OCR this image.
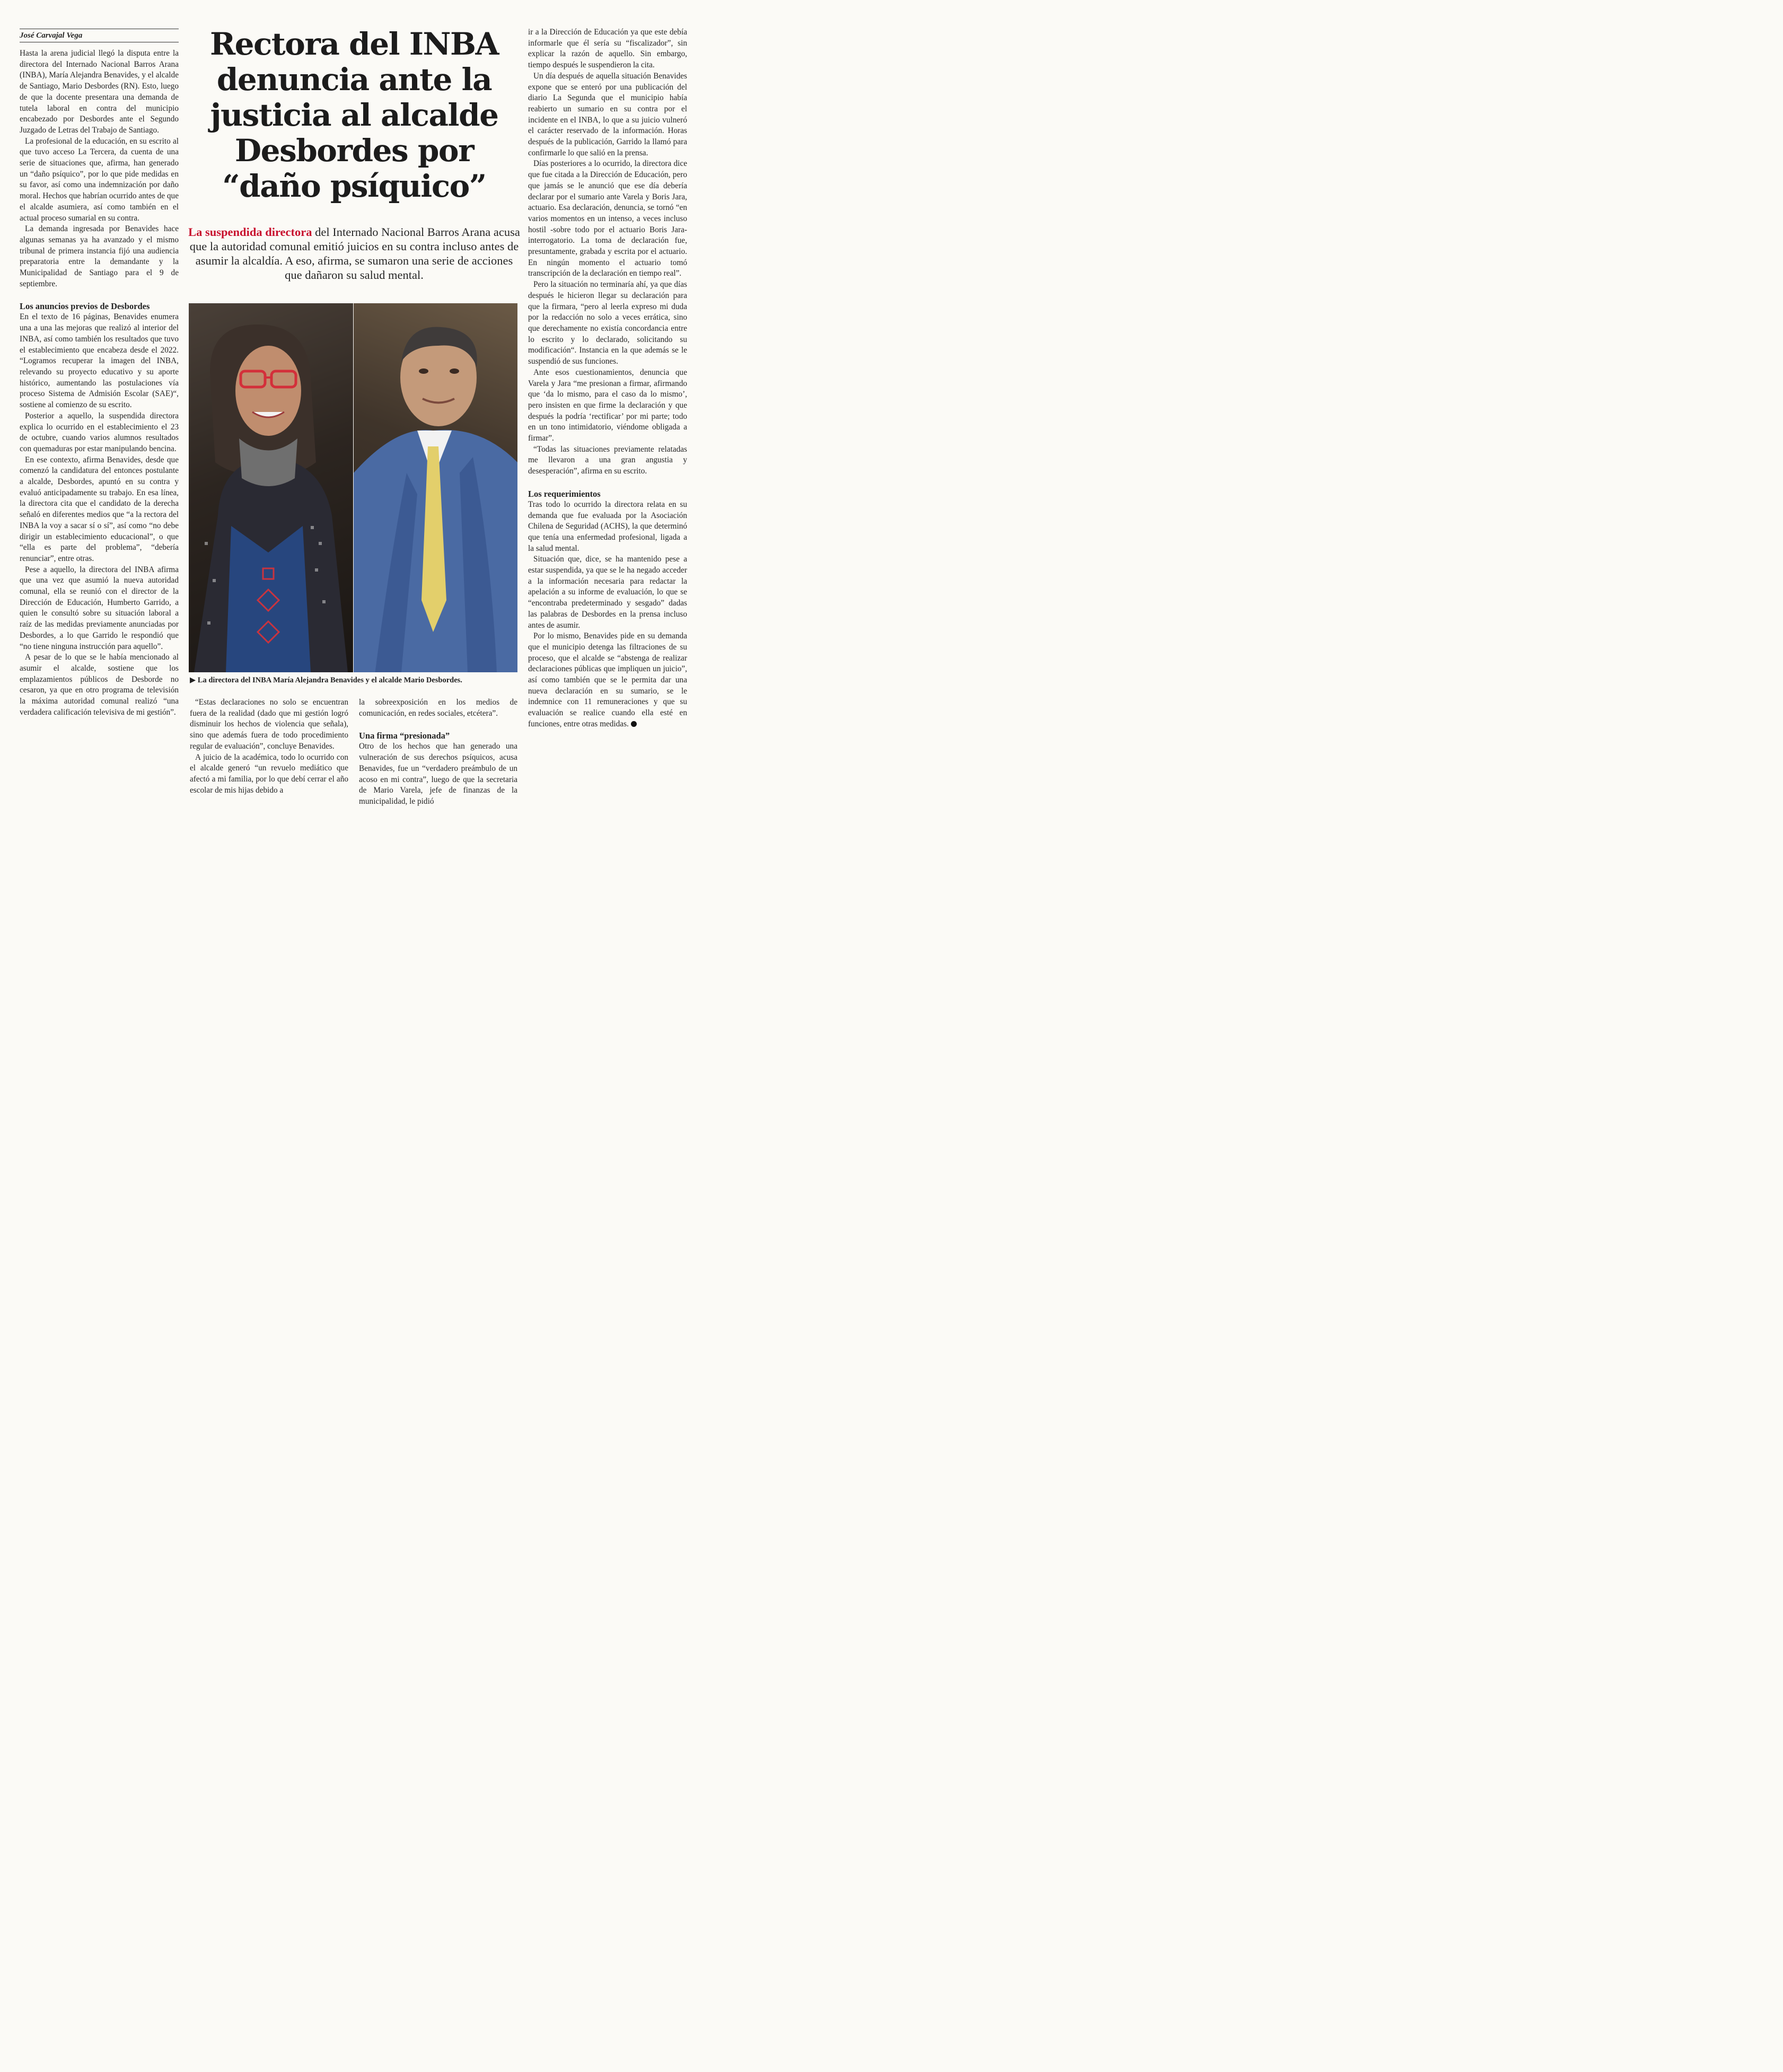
José Carvajal Vega

Hasta la arena judicial llegó la disputa entre la directora del Internado Nacional Barros Arana (INBA), María Alejandra Benavides, y el alcalde de Santiago, Mario Desbordes (RN). Esto, luego de que la docente presentara una demanda de tutela laboral en contra del municipio encabezado por Desbordes ante el Segundo Juzgado de Letras del Trabajo de Santiago.

La profesional de la educación, en su escrito al que tuvo acceso La Tercera, da cuenta de una serie de situaciones que, afirma, han generado un “daño psíquico”, por lo que pide medidas en su favor, así como una indemnización por daño moral. Hechos que habrían ocurrido antes de que el alcalde asumiera, así como también en el actual proceso sumarial en su contra.

La demanda ingresada por Benavides hace algunas semanas ya ha avanzado y el mismo tribunal de primera instancia fijó una audiencia preparatoria entre la demandante y la Municipalidad de Santiago para el 9 de septiembre.

Los anuncios previos de Desbordes

En el texto de 16 páginas, Benavides enumera una a una las mejoras que realizó al interior del INBA, así como también los resultados que tuvo el establecimiento que encabeza desde el 2022. “Logramos recuperar la imagen del INBA, relevando su proyecto educativo y su aporte histórico, aumentando las postulaciones vía proceso Sistema de Admisión Escolar (SAE)“, sostiene al comienzo de su escrito.

Posterior a aquello, la suspendida directora explica lo ocurrido en el establecimiento el 23 de octubre, cuando varios alumnos resultados con quemaduras por estar manipulando bencina.

En ese contexto, afirma Benavides, desde que comenzó la candidatura del entonces postulante a alcalde, Desbordes, apuntó en su contra y evaluó anticipadamente su trabajo. En esa línea, la directora cita que el candidato de la derecha señaló en diferentes medios que “a la rectora del INBA la voy a sacar sí o sí”, así como “no debe dirigir un establecimiento educacional”, o que “ella es parte del problema”, “debería renunciar”, entre otras.

Pese a aquello, la directora del INBA afirma que una vez que asumió la nueva autoridad comunal, ella se reunió con el director de la Dirección de Educación, Humberto Garrido, a quien le consultó sobre su situación laboral a raíz de las medidas previamente anunciadas por Desbordes, a lo que Garrido le respondió que “no tiene ninguna instrucción para aquello”.

A pesar de lo que se le había mencionado al asumir el alcalde, sostiene que los emplazamientos públicos de Desborde no cesaron, ya que en otro programa de televisión la máxima autoridad comunal realizó “una verdadera calificación televisiva de mi gestión”.

Rectora del INBA denuncia ante la justicia al alcalde Desbordes por “daño psíquico”
La suspendida directora del Internado Nacional Barros Arana acusa que la autoridad comunal emitió juicios en su contra incluso antes de asumir la alcaldía. A eso, afirma, se sumaron una serie de acciones que dañaron su salud mental.
▶ La directora del INBA María Alejandra Benavides y el alcalde Mario Desbordes.

“Estas declaraciones no solo se encuentran fuera de la realidad (dado que mi gestión logró disminuir los hechos de violencia que señala), sino que además fuera de todo procedimiento regular de evaluación”, concluye Benavides.

A juicio de la académica, todo lo ocurrido con el alcalde generó “un revuelo mediático que afectó a mi familia, por lo que debí cerrar el año escolar de mis hijas debido a

la sobreexposición en los medios de comunicación, en redes sociales, etcétera”.

Una firma “presionada”

Otro de los hechos que han generado una vulneración de sus derechos psíquicos, acusa Benavides, fue un “verdadero preámbulo de un acoso en mi contra”, luego de que la secretaria de Mario Varela, jefe de finanzas de la municipalidad, le pidió

ir a la Dirección de Educación ya que este debía informarle que él sería su “fiscalizador”, sin explicar la razón de aquello. Sin embargo, tiempo después le suspendieron la cita.

Un día después de aquella situación Benavides expone que se enteró por una publicación del diario La Segunda que el municipio había reabierto un sumario en su contra por el incidente en el INBA, lo que a su juicio vulneró el carácter reservado de la información. Horas después de la publicación, Garrido la llamó para confirmarle lo que salió en la prensa.

Días posteriores a lo ocurrido, la directora dice que fue citada a la Dirección de Educación, pero que jamás se le anunció que ese día debería declarar por el sumario ante Varela y Boris Jara, actuario. Esa declaración, denuncia, se tornó “en varios momentos en un intenso, a veces incluso hostil -sobre todo por el actuario Boris Jara- interrogatorio. La toma de declaración fue, presuntamente, grabada y escrita por el actuario. En ningún momento el actuario tomó transcripción de la declaración en tiempo real”.

Pero la situación no terminaría ahí, ya que días después le hicieron llegar su declaración para que la firmara, “pero al leerla expreso mi duda por la redacción no solo a veces errática, sino que derechamente no existía concordancia entre lo escrito y lo declarado, solicitando su modificación“. Instancia en la que además se le suspendió de sus funciones.

Ante esos cuestionamientos, denuncia que Varela y Jara “me presionan a firmar, afirmando que ‘da lo mismo, para el caso da lo mismo’, pero insisten en que firme la declaración y que después la podría ‘rectificar’ por mi parte; todo en un tono intimidatorio, viéndome obligada a firmar”.

“Todas las situaciones previamente relatadas me llevaron a una gran angustia y desesperación”, afirma en su escrito.

Los requerimientos

Tras todo lo ocurrido la directora relata en su demanda que fue evaluada por la Asociación Chilena de Seguridad (ACHS), la que determinó que tenía una enfermedad profesional, ligada a la salud mental.

Situación que, dice, se ha mantenido pese a estar suspendida, ya que se le ha negado acceder a la información necesaria para redactar la apelación a su informe de evaluación, lo que se “encontraba predeterminado y sesgado” dadas las palabras de Desbordes en la prensa incluso antes de asumir.

Por lo mismo, Benavides pide en su demanda que el municipio detenga las filtraciones de su proceso, que el alcalde se “abstenga de realizar declaraciones públicas que impliquen un juicio”, así como también que se le permita dar una nueva declaración en su sumario, se le indemnice con 11 remuneraciones y que su evaluación se realice cuando ella esté en funciones, entre otras medidas.
